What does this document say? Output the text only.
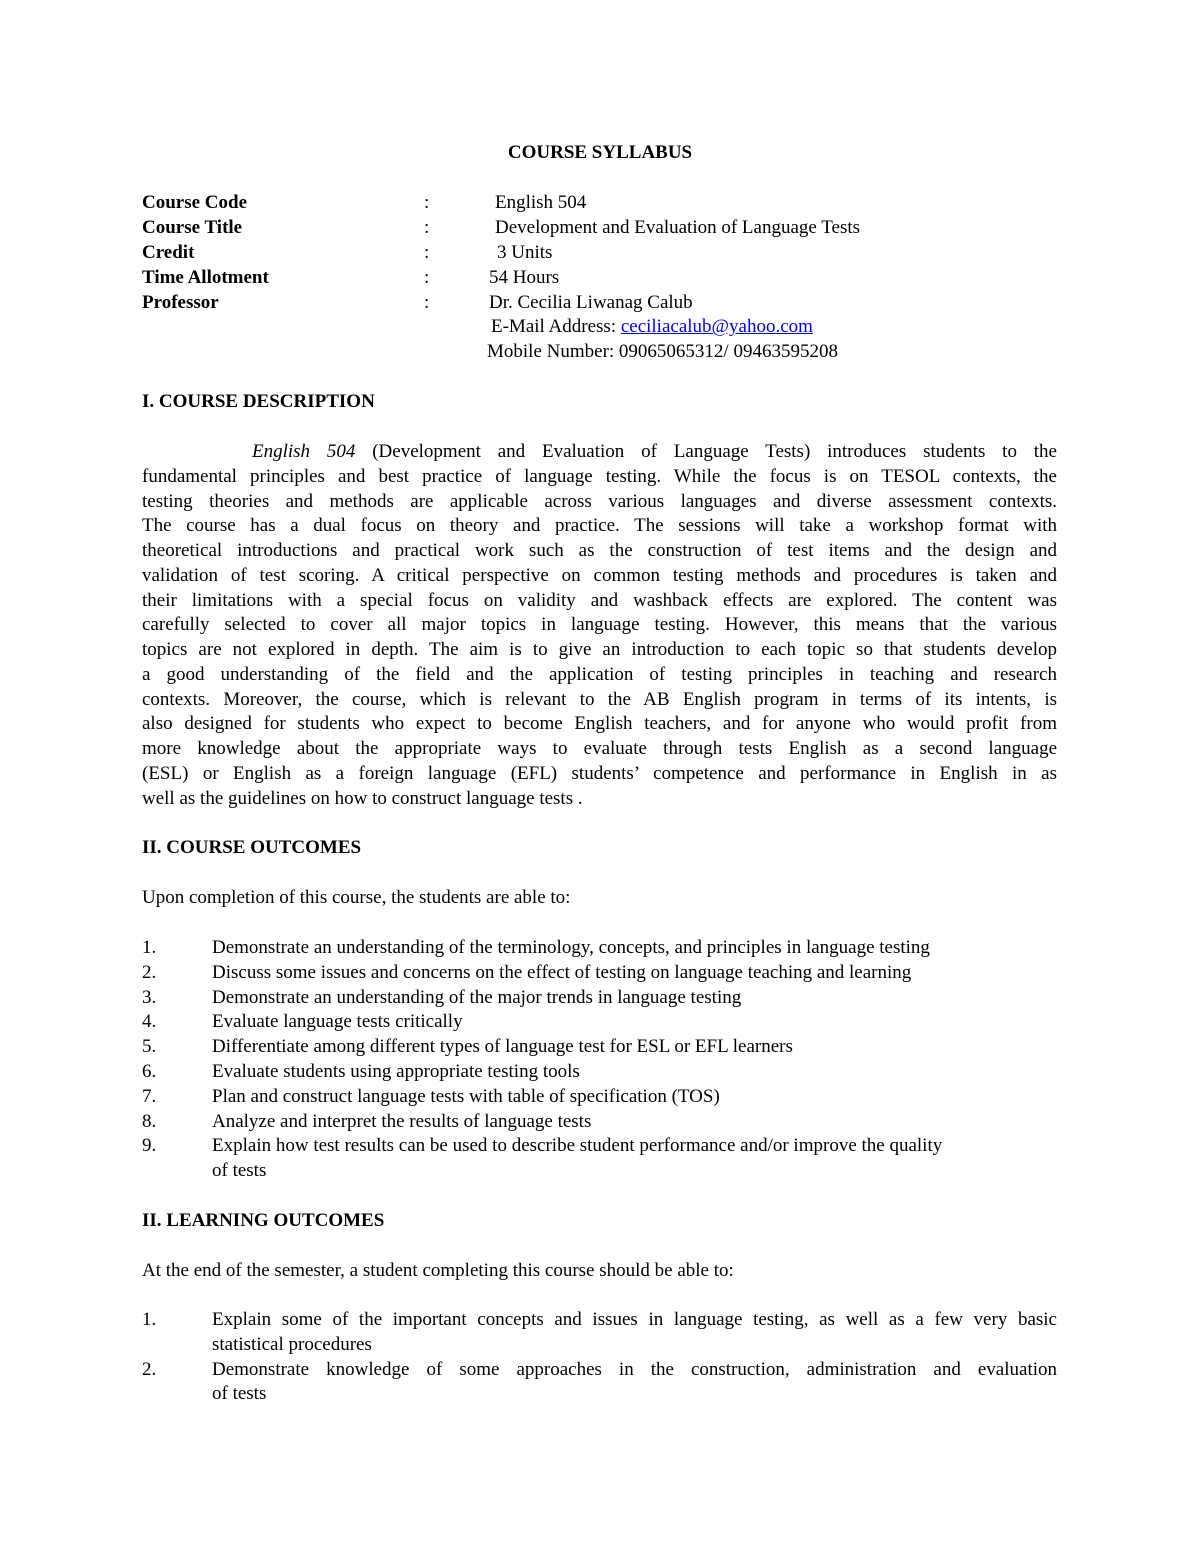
COURSE SYLLABUS
Course Code	:	English 504
Course Title	:	Development and Evaluation of Language Tests
Credit	:	3 Units
Time Allotment	:	54 Hours
Professor	:	Dr. Cecilia Liwanag Calub
E-Mail Address: ceciliacalub@yahoo.com
Mobile Number: 09065065312/ 09463595208
I. COURSE DESCRIPTION
English 504 (Development and Evaluation of Language Tests) introduces students to the
fundamental principles and best practice of language testing. While the focus is on TESOL contexts, the
testing theories and methods are applicable across various languages and diverse assessment contexts.
The course has a dual focus on theory and practice. The sessions will take a workshop format with
theoretical introductions and practical work such as the construction of test items and the design and
validation of test scoring. A critical perspective on common testing methods and procedures is taken and
their limitations with a special focus on validity and washback effects are explored. The content was
carefully selected to cover all major topics in language testing. However, this means that the various
topics are not explored in depth. The aim is to give an introduction to each topic so that students develop
a good understanding of the field and the application of testing principles in teaching and research
contexts. Moreover, the course, which is relevant to the AB English program in terms of its intents, is
also designed for students who expect to become English teachers, and for anyone who would profit from
more knowledge about the appropriate ways to evaluate through tests English as a second language
(ESL) or English as a foreign language (EFL) students’ competence and performance in English in as
well as the guidelines on how to construct language tests .
II. COURSE OUTCOMES
Upon completion of this course, the students are able to:
1.	Demonstrate an understanding of the terminology, concepts, and principles in language testing
2.	Discuss some issues and concerns on the effect of testing on language teaching and learning
3.	Demonstrate an understanding of the major trends in language testing
4.	Evaluate language tests critically
5.	Differentiate among different types of language test for ESL or EFL learners
6.	Evaluate students using appropriate testing tools
7.	Plan and construct language tests with table of specification (TOS)
8.	Analyze and interpret the results of language tests
9.	Explain how test results can be used to describe student performance and/or improve the quality
of tests
II. LEARNING OUTCOMES
At the end of the semester, a student completing this course should be able to:
1.	Explain some of the important concepts and issues in language testing, as well as a few very basic
statistical procedures
2.	Demonstrate knowledge of some approaches in the construction, administration and evaluation
of tests
